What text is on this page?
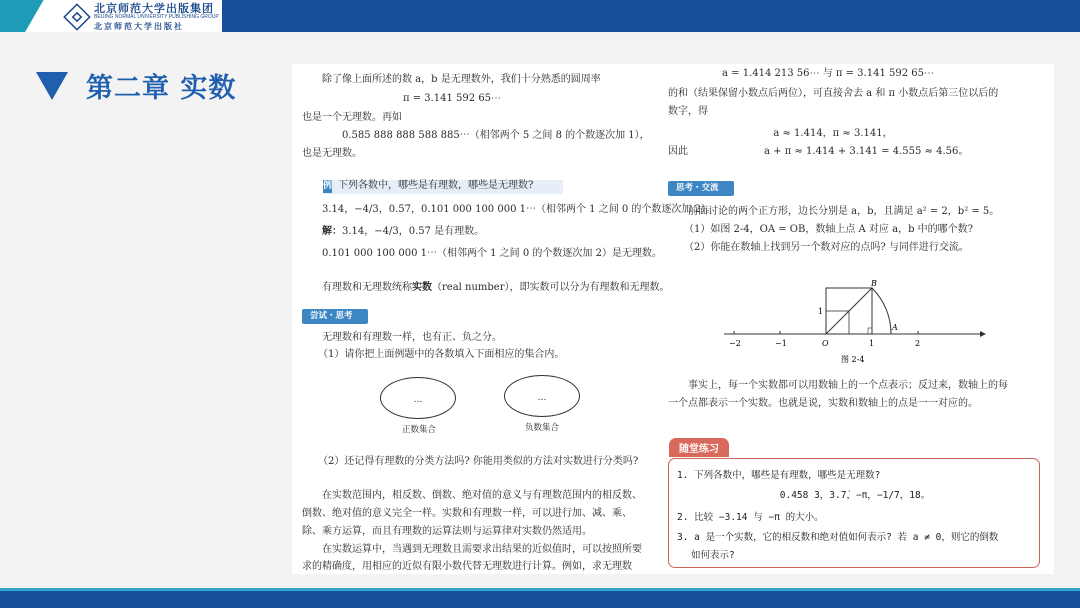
北京师范大学出版集团
BEIJING NORMAL UNIVERSITY PUBLISHING GROUP
北京师范大学出版社
第二章 实数	除了像上面所述的数 a，b 是无理数外，我们十分熟悉的圆周率
π = 3.141 592 65⋯
也是一个无理数。再如
0.585 888 888 588 885⋯（相邻两个 5 之间 8 的个数逐次加 1），
也是无理数。
例 下列各数中，哪些是有理数，哪些是无理数?
3.14，−4/3，0.57̇，0.101 000 100 000 1⋯（相邻两个 1 之间 0 的个数逐次加 2）。
解：3.14，−4/3，0.57̇ 是有理数。
0.101 000 100 000 1⋯（相邻两个 1 之间 0 的个数逐次加 2）是无理数。
有理数和无理数统称实数（real number），即实数可以分为有理数和无理数。
尝试・思考
无理数和有理数一样，也有正、负之分。
（1）请你把上面例题中的各数填入下面相应的集合内。
…
正数集合
…
负数集合
（2）还记得有理数的分类方法吗? 你能用类似的方法对实数进行分类吗?
在实数范围内，相反数、倒数、绝对值的意义与有理数范围内的相反数、
倒数、绝对值的意义完全一样。实数和有理数一样，可以进行加、减、乘、
除、乘方运算，而且有理数的运算法则与运算律对实数仍然适用。
在实数运算中，当遇到无理数且需要求出结果的近似值时，可以按照所要
求的精确度，用相应的近似有限小数代替无理数进行计算。例如，求无理数
a = 1.414 213 56⋯ 与 π = 3.141 592 65⋯
的和（结果保留小数点后两位），可直接舍去 a 和 π 小数点后第三位以后的
数字，得
a ≈ 1.414，π ≈ 3.141，
因此	a + π ≈ 1.414 + 3.141 = 4.555 ≈ 4.56。
思考・交流
前面讨论的两个正方形，边长分别是 a，b，且满足 a² = 2，b² = 5。
（1）如图 2-4，OA = OB，数轴上点 A 对应 a，b 中的哪个数?
（2）你能在数轴上找到另一个数对应的点吗? 与同伴进行交流。
B
A
1
−2	−1	O	1	2
图 2-4
事实上，每一个实数都可以用数轴上的一个点表示；反过来，数轴上的每
一个点都表示一个实数。也就是说，实数和数轴上的点是一一对应的。
随堂练习
1. 下列各数中，哪些是有理数，哪些是无理数?
0.458 3，3.7̇，−π，−1/7，18。
2. 比较 −3.14 与 −π 的大小。
3. a 是一个实数，它的相反数和绝对值如何表示? 若 a ≠ 0，则它的倒数
如何表示?
